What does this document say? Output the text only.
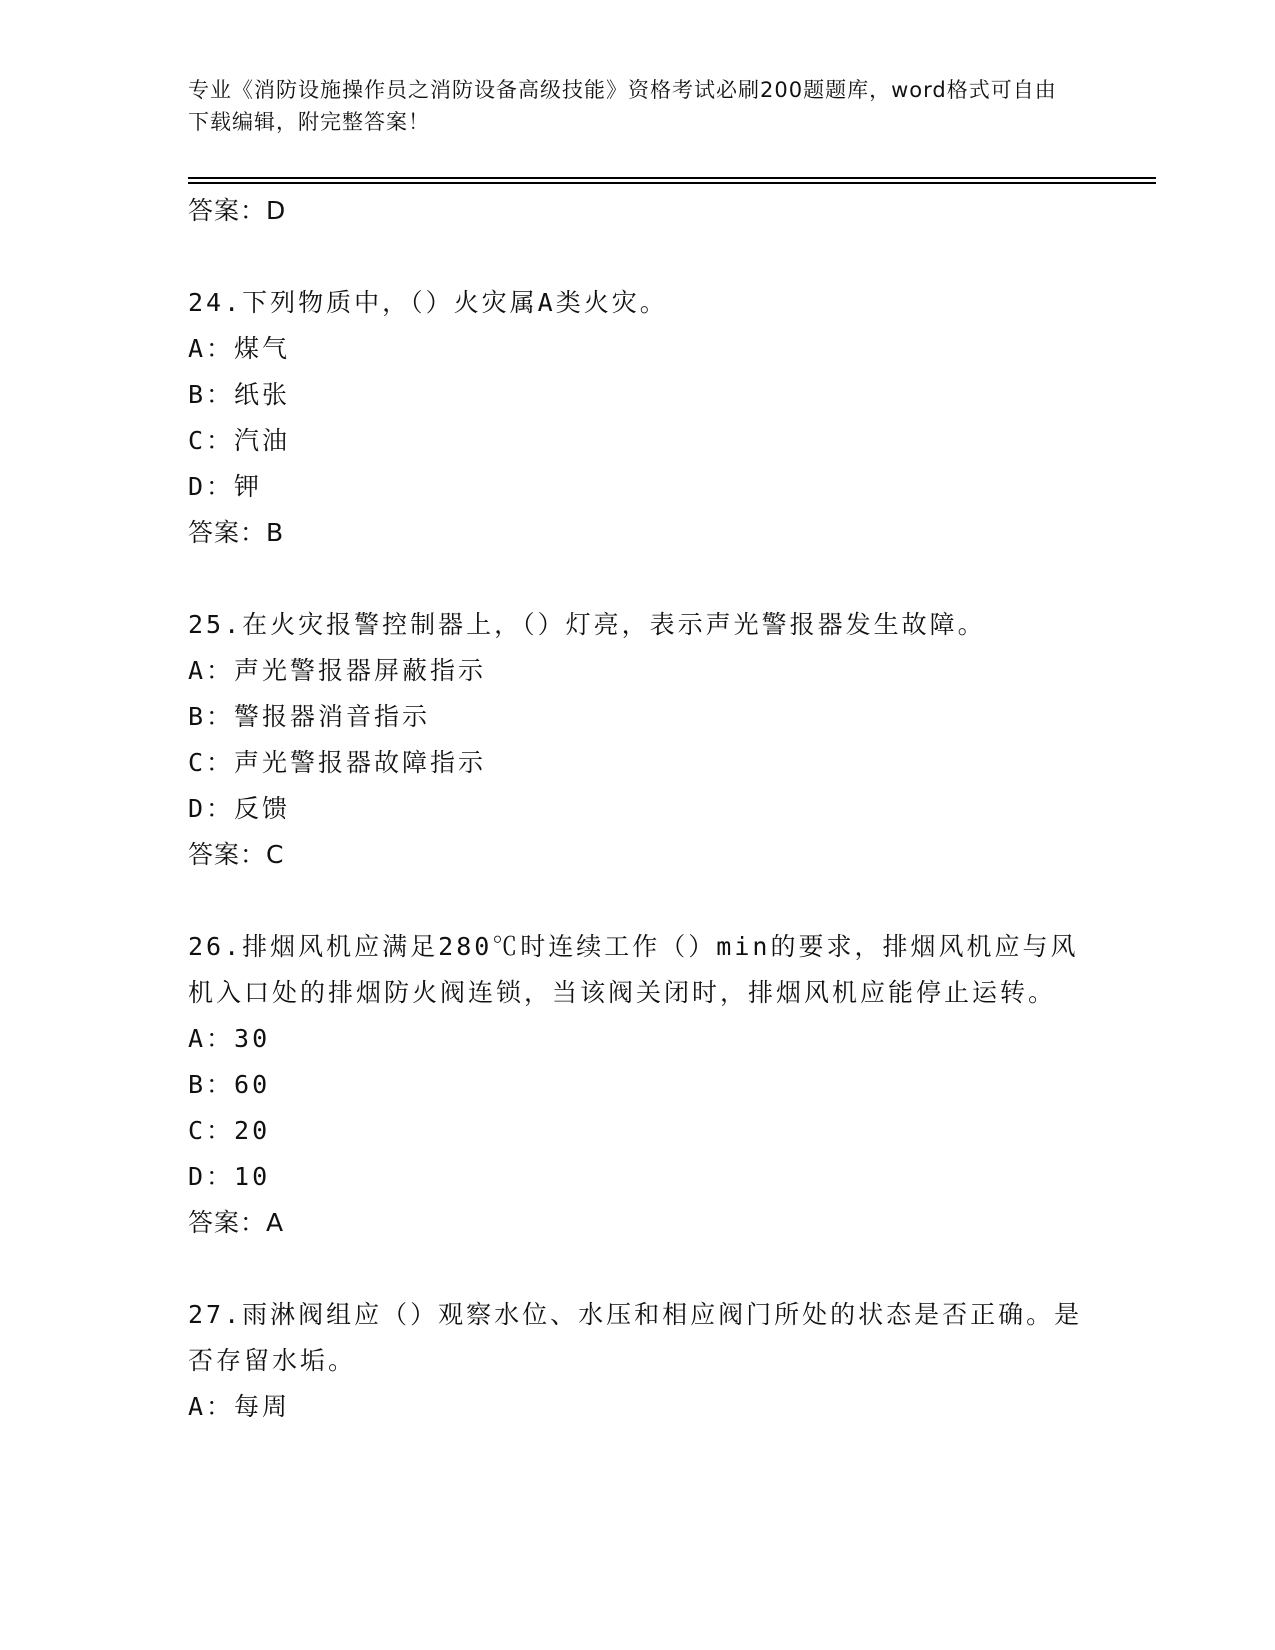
专业《消防设施操作员之消防设备高级技能》资格考试必刷200题题库，word格式可自由下载编辑，附完整答案！

答案：D

24.下列物质中，（）火灾属A类火灾。

A：煤气

B：纸张

C：汽油

D：钾

答案：B

25.在火灾报警控制器上，（）灯亮，表示声光警报器发生故障。

A：声光警报器屏蔽指示

B：警报器消音指示

C：声光警报器故障指示

D：反馈

答案：C

26.排烟风机应满足280℃时连续工作（）min的要求，排烟风机应与风机入口处的排烟防火阀连锁，当该阀关闭时，排烟风机应能停止运转。

A：30

B：60

C：20

D：10

答案：A

27.雨淋阀组应（）观察水位、水压和相应阀门所处的状态是否正确。是否存留水垢。

A：每周
